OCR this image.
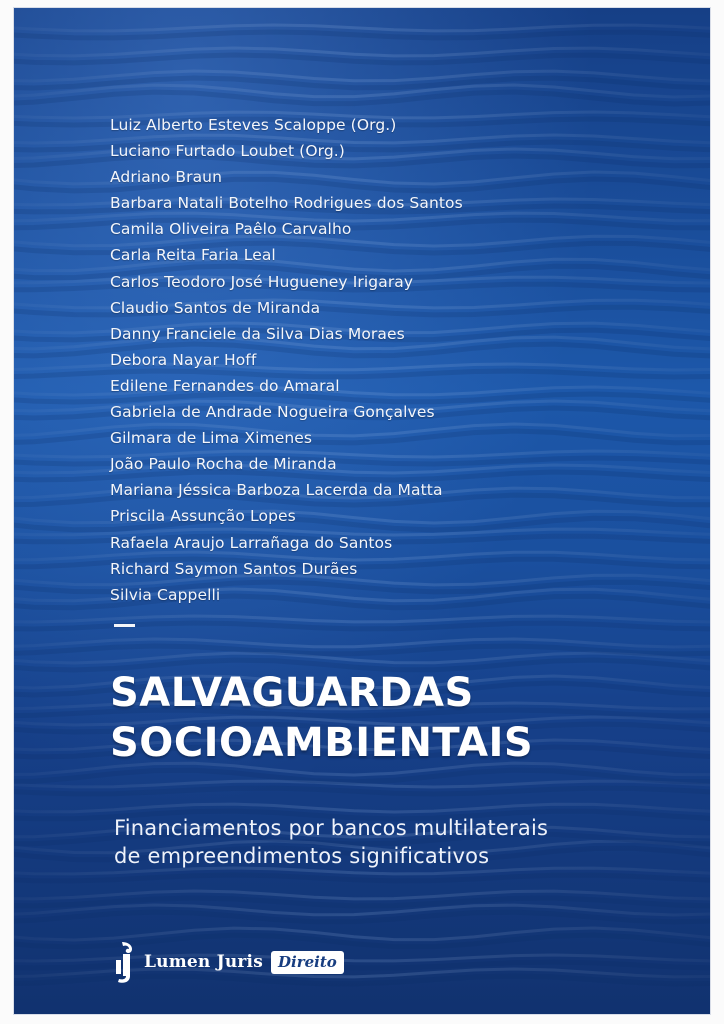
Luiz Alberto Esteves Scaloppe (Org.)
Luciano Furtado Loubet (Org.)
Adriano Braun
Barbara Natali Botelho Rodrigues dos Santos
Camila Oliveira Paêlo Carvalho
Carla Reita Faria Leal
Carlos Teodoro José Hugueney Irigaray
Claudio Santos de Miranda
Danny Franciele da Silva Dias Moraes
Debora Nayar Hoff
Edilene Fernandes do Amaral
Gabriela de Andrade Nogueira Gonçalves
Gilmara de Lima Ximenes
João Paulo Rocha de Miranda
Mariana Jéssica Barboza Lacerda da Matta
Priscila Assunção Lopes
Rafaela Araujo Larrañaga do Santos
Richard Saymon Santos Durães
Silvia Cappelli
SALVAGUARDAS
SOCIOAMBIENTAIS

Financiamentos por bancos multilaterais
de empreendimentos significativos

Lumen Juris	Direito
